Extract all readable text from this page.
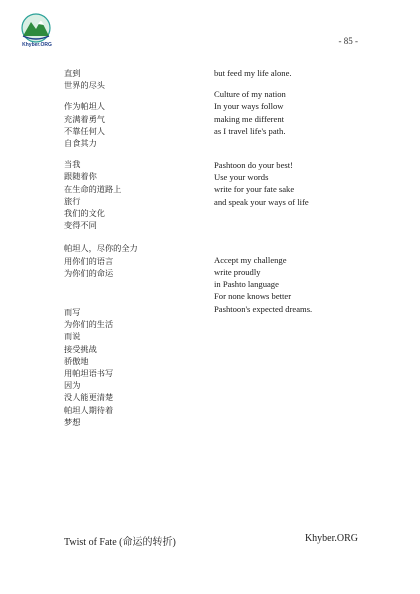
Khyber.ORG	- 85 -
直到
世界的尽头
作为帕坦人
充满着勇气
不靠任何人
自食其力
当我
跟随着你
在生命的道路上
旅行
我们的文化
变得不同
帕坦人，尽你的全力
用你们的语言
为你们的命运
而写
为你们的生活
而说
接受挑战
骄傲地
用帕坦语书写
因为
没人能更清楚
帕坦人期待着
梦想
but feed my life alone.
Culture of my nation
In your ways follow
making me different
as I travel life's path.
Pashtoon do your best!
Use your words
write for your fate sake
and speak your ways of life
Accept my challenge
write proudly
in Pashto language
For none knows better
Pashtoon's expected dreams.
Twist of Fate (命运的转折)	Khyber.ORG
